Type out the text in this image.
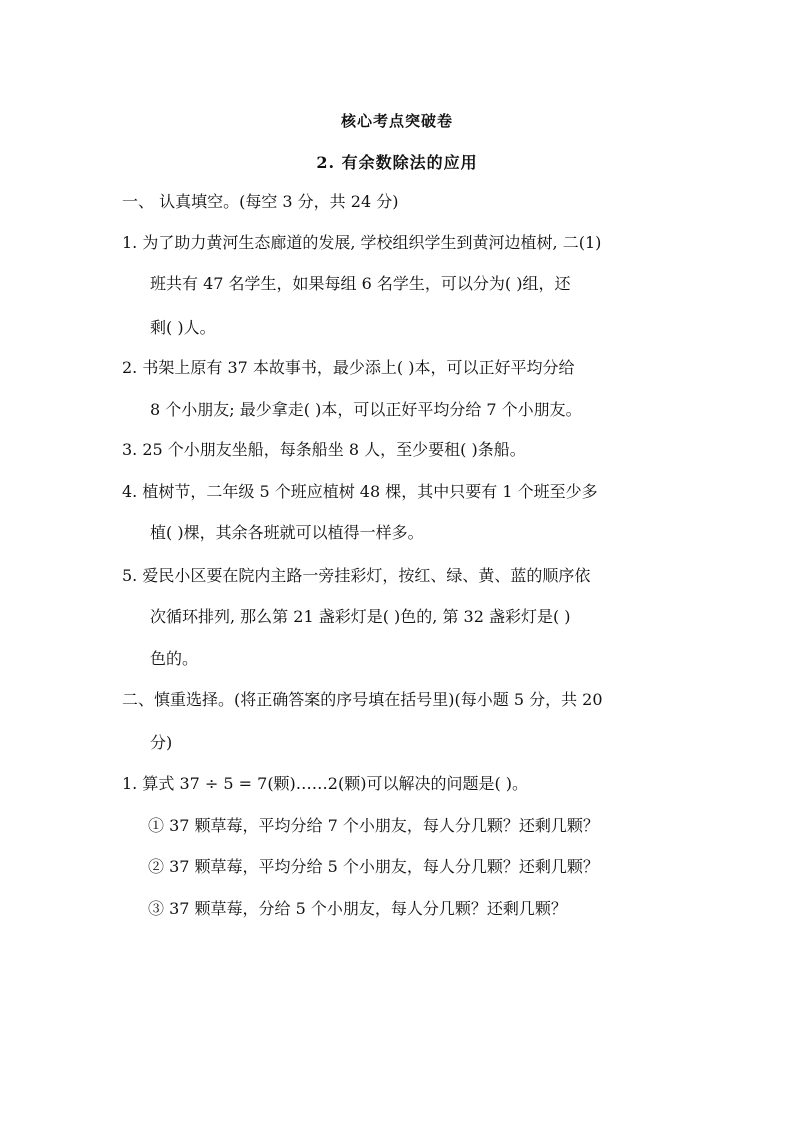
核心考点突破卷
2. 有余数除法的应用
一、 认真填空。(每空 3 分，共 24 分)
1. 为了助力黄河生态廊道的发展, 学校组织学生到黄河边植树, 二(1)
班共有 47 名学生，如果每组 6 名学生，可以分为( )组，还
剩( )人。
2. 书架上原有 37 本故事书，最少添上( )本，可以正好平均分给
8 个小朋友; 最少拿走( )本，可以正好平均分给 7 个小朋友。
3. 25 个小朋友坐船，每条船坐 8 人，至少要租( )条船。
4. 植树节，二年级 5 个班应植树 48 棵，其中只要有 1 个班至少多
植( )棵，其余各班就可以植得一样多。
5. 爱民小区要在院内主路一旁挂彩灯，按红、绿、黄、蓝的顺序依
次循环排列, 那么第 21 盏彩灯是( )色的, 第 32 盏彩灯是( )
色的。
二、慎重选择。(将正确答案的序号填在括号里)(每小题 5 分，共 20
分)
1. 算式 37 ÷ 5 = 7(颗)……2(颗)可以解决的问题是( )。
① 37 颗草莓，平均分给 7 个小朋友，每人分几颗？还剩几颗？
② 37 颗草莓，平均分给 5 个小朋友，每人分几颗？还剩几颗？
③ 37 颗草莓，分给 5 个小朋友，每人分几颗？还剩几颗？
